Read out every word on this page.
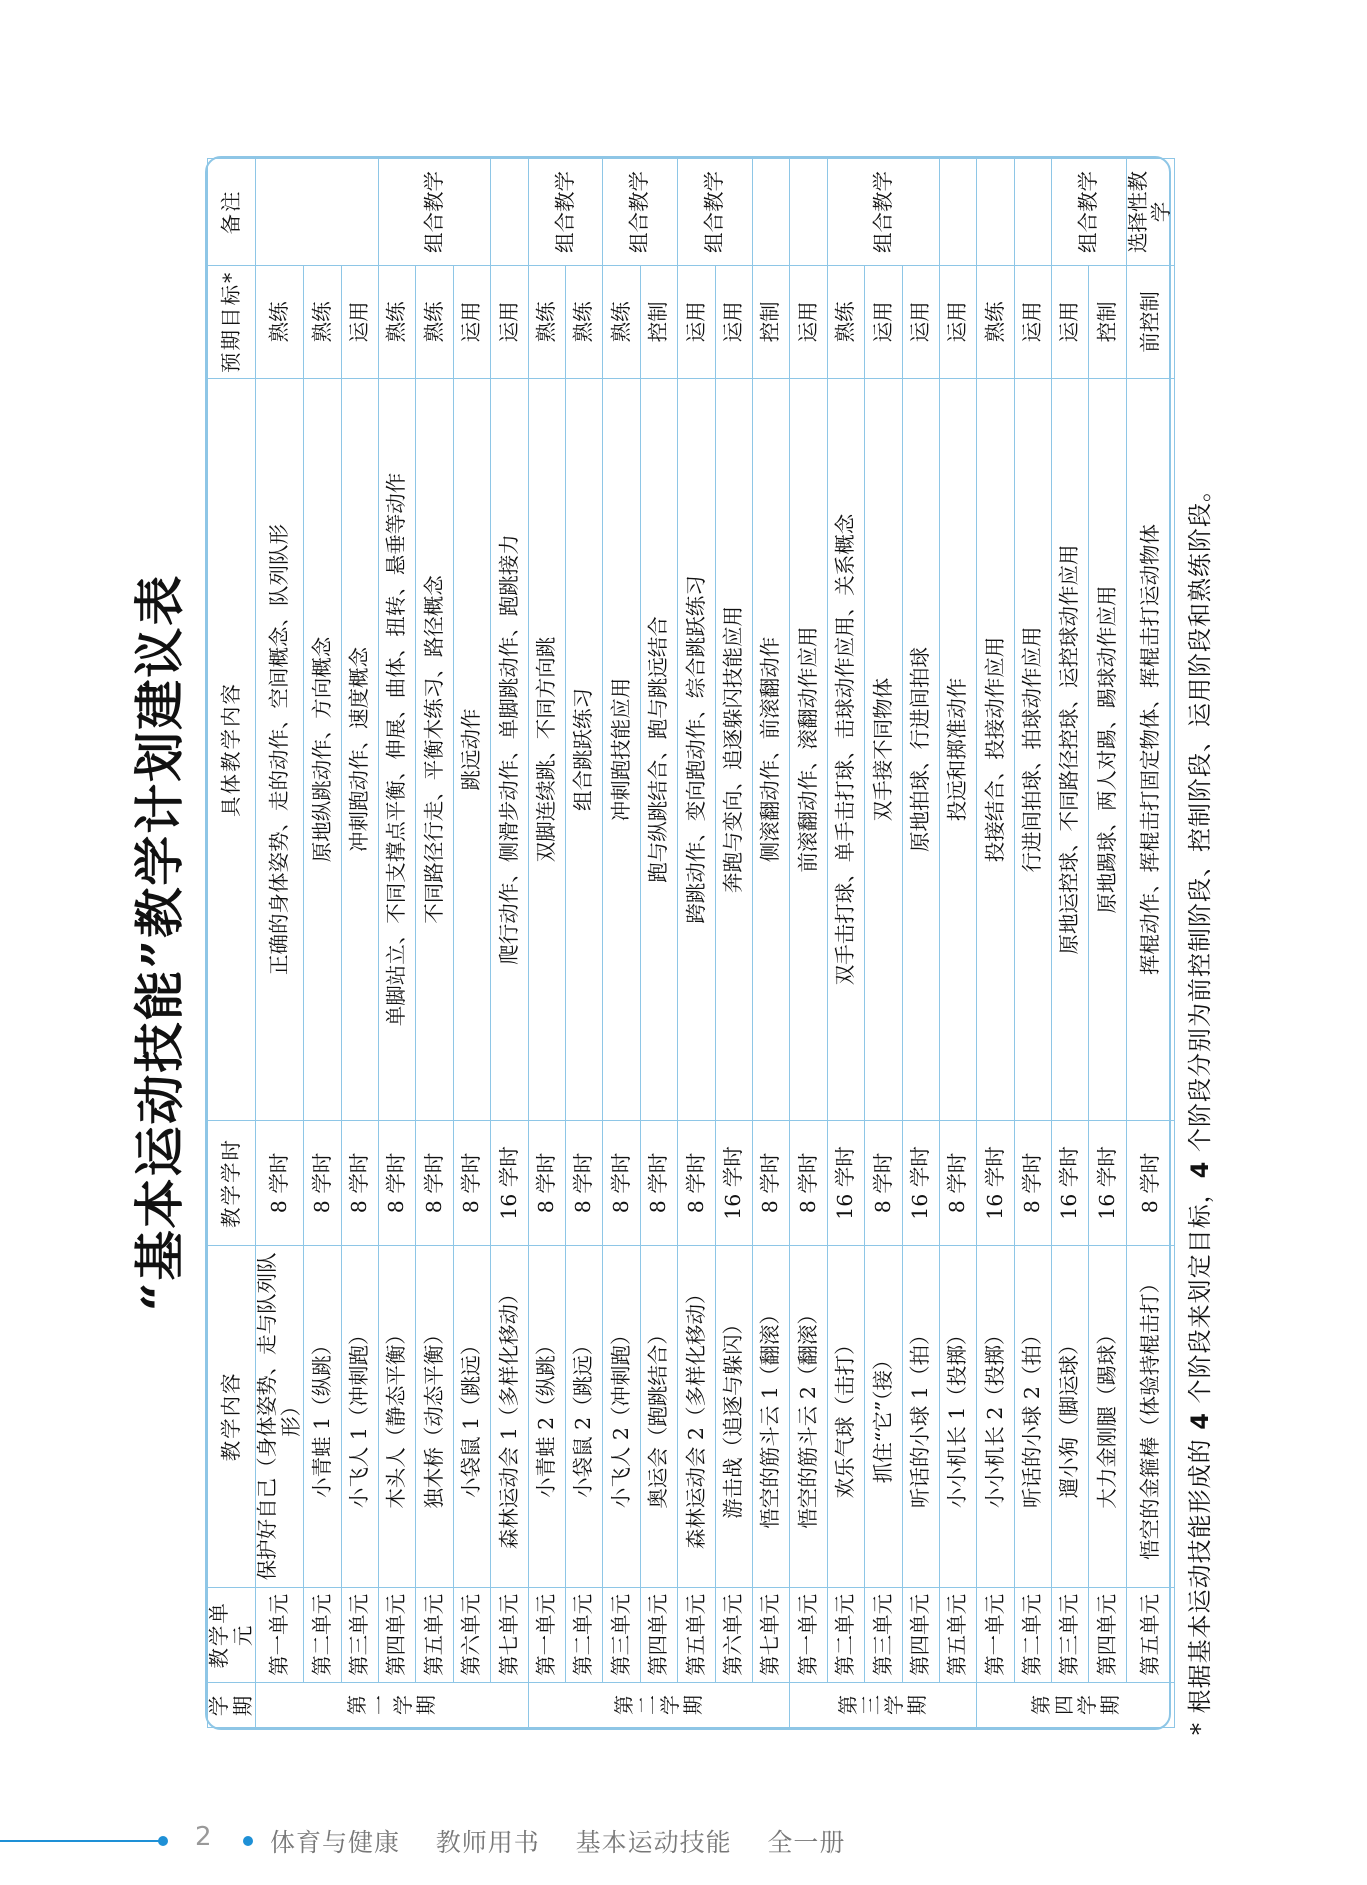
“基本运动技能”教学计划建议表
学期	教学单元	教学内容	教学学时	具体教学内容	预期目标*	备注
第一学期	第一单元	保护好自己（身体姿势、走与队列队形）	8 学时	正确的身体姿势、走的动作、空间概念、队列队形	熟练	
	第二单元	小青蛙 1（纵跳）	8 学时	原地纵跳动作、方向概念	熟练	
	第三单元	小飞人 1（冲刺跑）	8 学时	冲刺跑动作、速度概念	运用	
	第四单元	木头人（静态平衡）	8 学时	单脚站立、不同支撑点平衡、伸展、曲体、扭转、悬垂等动作	熟练	组合教学
	第五单元	独木桥（动态平衡）	8 学时	不同路径行走、平衡木练习、路径概念	熟练	
	第六单元	小袋鼠 1（跳远）	8 学时	跳远动作	运用	
	第七单元	森林运动会 1（多样化移动）	16 学时	爬行动作、侧滑步动作、单脚跳动作、跑跳接力	运用	
第二学期	第一单元	小青蛙 2（纵跳）	8 学时	双脚连续跳、不同方向跳	熟练	组合教学
	第二单元	小袋鼠 2（跳远）	8 学时	组合跳跃练习	熟练	
	第三单元	小飞人 2（冲刺跑）	8 学时	冲刺跑技能应用	熟练	组合教学
	第四单元	奥运会（跑跳结合）	8 学时	跑与纵跳结合、跑与跳远结合	控制	
	第五单元	森林运动会 2（多样化移动）	8 学时	跨跳动作、变向跑动作、综合跳跃练习	运用	组合教学
	第六单元	游击战（追逐与躲闪）	16 学时	奔跑与变向、追逐躲闪技能应用	运用	
	第七单元	悟空的筋斗云 1（翻滚）	8 学时	侧滚翻动作、前滚翻动作	控制	
第三学期	第一单元	悟空的筋斗云 2（翻滚）	8 学时	前滚翻动作、滚翻动作应用	运用	
	第二单元	欢乐气球（击打）	16 学时	双手击打球、单手击打球、击球动作应用、关系概念	熟练	组合教学
	第三单元	抓住“它”（接）	8 学时	双手接不同物体	运用	
	第四单元	听话的小球 1（拍）	16 学时	原地拍球、行进间拍球	运用	
	第五单元	小小机长 1（投掷）	8 学时	投远和掷准动作	运用	
第四学期	第一单元	小小机长 2（投掷）	16 学时	投接结合、投接动作应用	熟练	
	第二单元	听话的小球 2（拍）	8 学时	行进间拍球、拍球动作应用	运用	
	第三单元	遛小狗（脚运球）	16 学时	原地运控球、不同路径控球、运控球动作应用	运用	组合教学
	第四单元	大力金刚腿（踢球）	16 学时	原地踢球、两人对踢、踢球动作应用	控制	
	第五单元	悟空的金箍棒（体验持棍击打）	8 学时	挥棍动作、挥棍击打固定物体、挥棍击打运动物体	前控制	选择性教学
* 根据基本运动技能形成的 4 个阶段来划定目标，4 个阶段分别为前控制阶段、控制阶段、运用阶段和熟练阶段。
2 体育与健康    教师用书    基本运动技能    全一册
